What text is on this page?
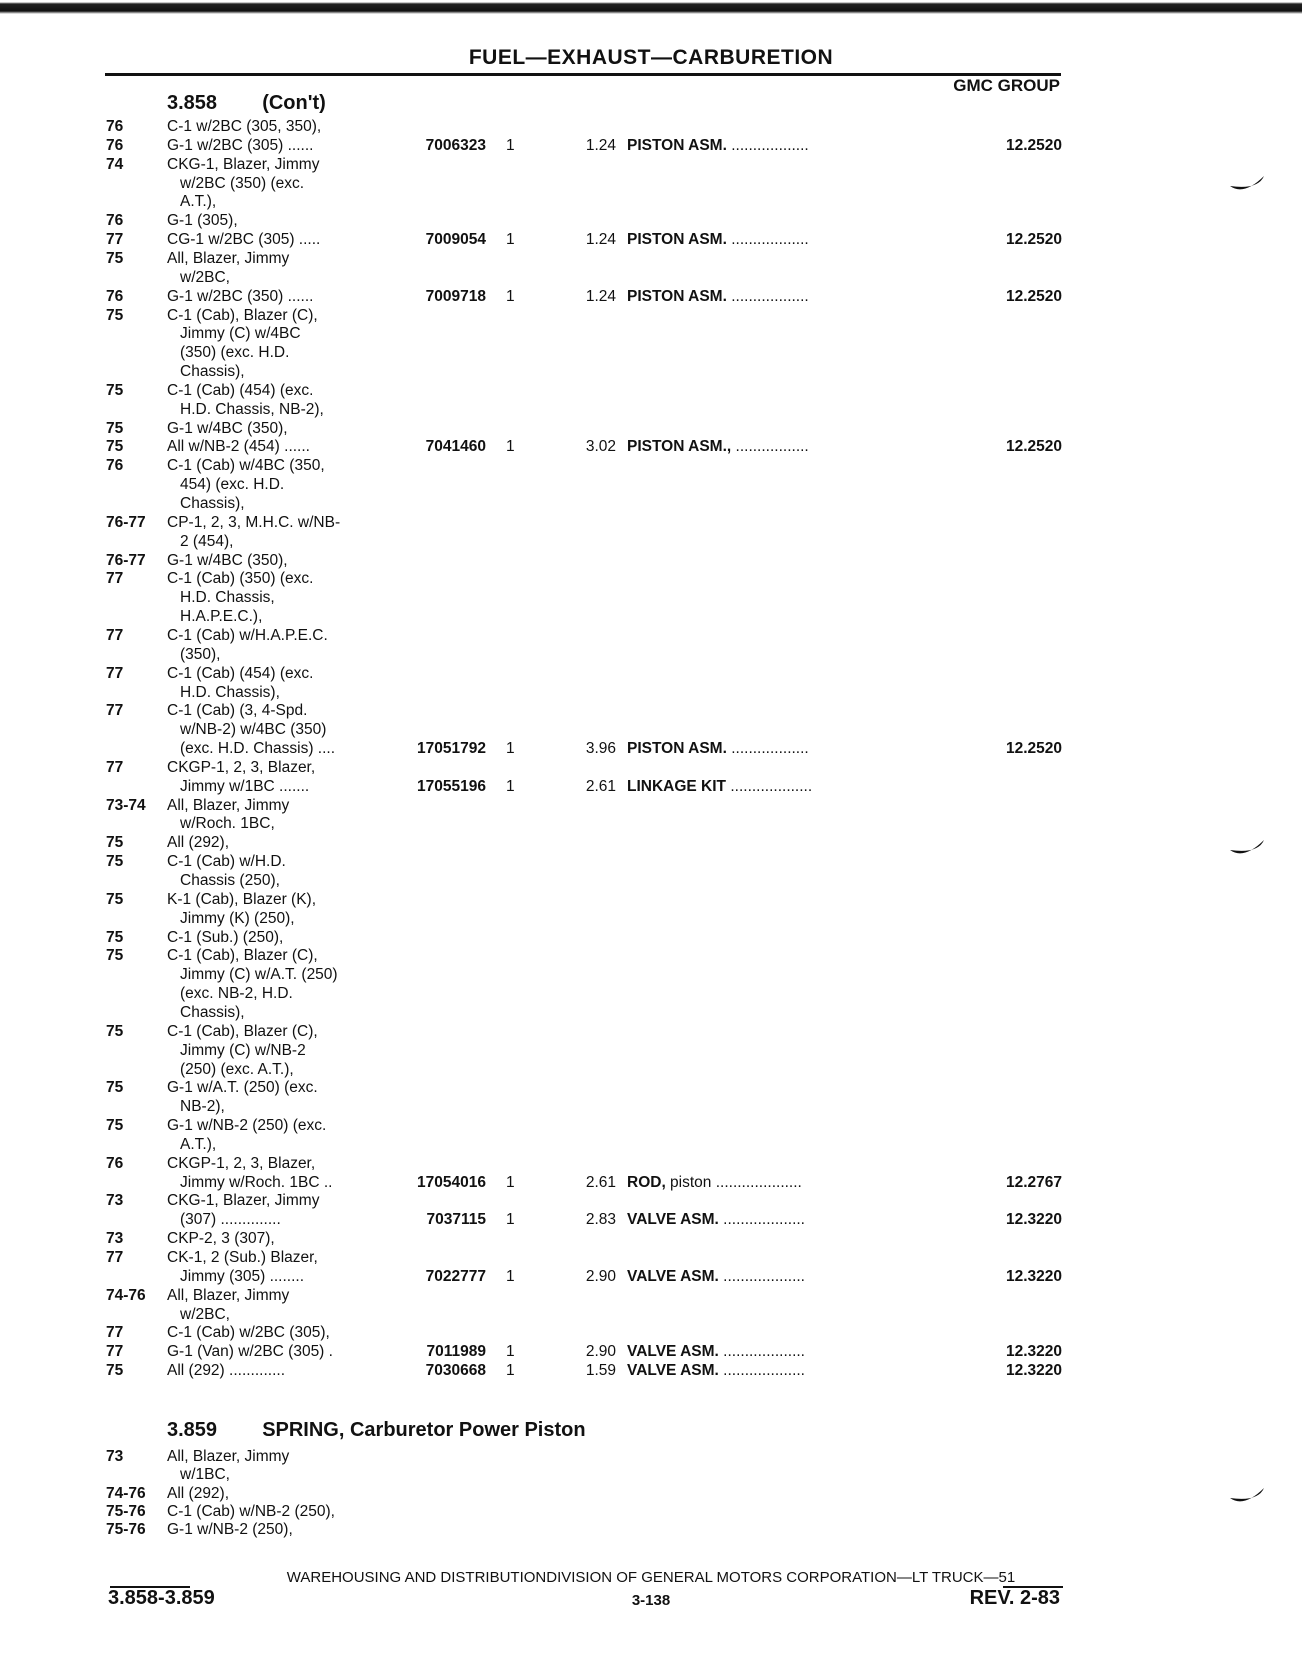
FUEL—EXHAUST—CARBURETION
GMC GROUP
3.858 (Con't)
76	C-1 w/2BC (305, 350),
76	G-1 w/2BC (305) ......	7006323 1	1.24 PISTON ASM. ..................	12.2520
74	CKG-1, Blazer, Jimmy
w/2BC (350) (exc.
A.T.),
76	G-1 (305),
77	CG-1 w/2BC (305) .....	7009054 1	1.24 PISTON ASM. ..................	12.2520
75	All, Blazer, Jimmy
w/2BC,
76	G-1 w/2BC (350) ......	7009718 1	1.24 PISTON ASM. ..................	12.2520
75	C-1 (Cab), Blazer (C),
Jimmy (C) w/4BC
(350) (exc. H.D.
Chassis),
75	C-1 (Cab) (454) (exc.
H.D. Chassis, NB-2),
75	G-1 w/4BC (350),
75	All w/NB-2 (454) ......	7041460 1	3.02 PISTON ASM., .................	12.2520
76	C-1 (Cab) w/4BC (350,
454) (exc. H.D.
Chassis),
76-77 CP-1, 2, 3, M.H.C. w/NB-
2 (454),
76-77 G-1 w/4BC (350),
77	C-1 (Cab) (350) (exc.
H.D. Chassis,
H.A.P.E.C.),
77	C-1 (Cab) w/H.A.P.E.C.
(350),
77	C-1 (Cab) (454) (exc.
H.D. Chassis),
77	C-1 (Cab) (3, 4-Spd.
w/NB-2) w/4BC (350)
(exc. H.D. Chassis) ....	17051792 1	3.96 PISTON ASM. ..................	12.2520
77	CKGP-1, 2, 3, Blazer,
Jimmy w/1BC .......	17055196 1	2.61 LINKAGE KIT ...................
73-74 All, Blazer, Jimmy
w/Roch. 1BC,
75	All (292),
75	C-1 (Cab) w/H.D.
Chassis (250),
75	K-1 (Cab), Blazer (K),
Jimmy (K) (250),
75	C-1 (Sub.) (250),
75	C-1 (Cab), Blazer (C),
Jimmy (C) w/A.T. (250)
(exc. NB-2, H.D.
Chassis),
75	C-1 (Cab), Blazer (C),
Jimmy (C) w/NB-2
(250) (exc. A.T.),
75	G-1 w/A.T. (250) (exc.
NB-2),
75	G-1 w/NB-2 (250) (exc.
A.T.),
76	CKGP-1, 2, 3, Blazer,
Jimmy w/Roch. 1BC ..	17054016 1	2.61 ROD, piston ....................	12.2767
73	CKG-1, Blazer, Jimmy
(307) ..............	7037115 1	2.83 VALVE ASM. ...................	12.3220
73	CKP-2, 3 (307),
77	CK-1, 2 (Sub.) Blazer,
Jimmy (305) ........	7022777 1	2.90 VALVE ASM. ...................	12.3220
74-76 All, Blazer, Jimmy
w/2BC,
77	C-1 (Cab) w/2BC (305),
77	G-1 (Van) w/2BC (305) .	7011989 1	2.90 VALVE ASM. ...................	12.3220
75	All (292) .............	7030668 1	1.59 VALVE ASM. ...................	12.3220
3.859 SPRING, Carburetor Power Piston
73	All, Blazer, Jimmy
w/1BC,
74-76 All (292),
75-76 C-1 (Cab) w/NB-2 (250),
75-76 G-1 w/NB-2 (250),
WAREHOUSING AND DISTRIBUTIONDIVISION OF GENERAL MOTORS CORPORATION—LT TRUCK—51
3.858-3.859	3-138	REV. 2-83
